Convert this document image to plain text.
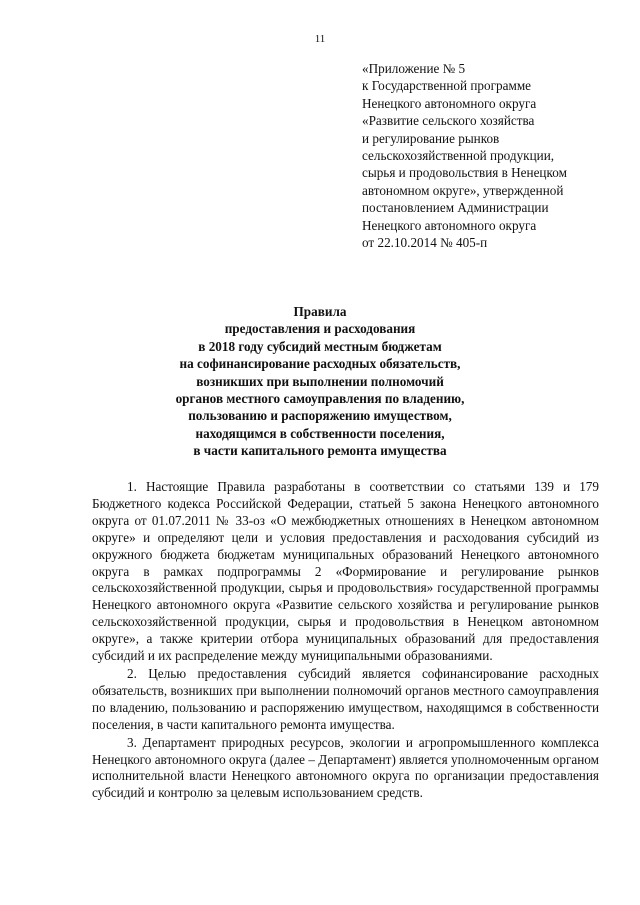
11
«Приложение № 5
к Государственной программе
Ненецкого автономного округа
«Развитие сельского хозяйства
и регулирование рынков
сельскохозяйственной продукции,
сырья и продовольствия в Ненецком
автономном округе», утвержденной
постановлением Администрации
Ненецкого автономного округа
от 22.10.2014 № 405-п
Правила
предоставления и расходования
в 2018 году субсидий местным бюджетам
на софинансирование расходных обязательств,
возникших при выполнении полномочий
органов местного самоуправления по владению,
пользованию и распоряжению имуществом,
находящимся в собственности поселения,
в части капитального ремонта имущества

1. Настоящие Правила разработаны в соответствии со статьями 139 и 179 Бюджетного кодекса Российской Федерации, статьей 5 закона Ненецкого автономного округа от 01.07.2011 № 33-оз «О межбюджетных отношениях в Ненецком автономном округе» и определяют цели и условия предоставления и расходования субсидий из окружного бюджета бюджетам муниципальных образований Ненецкого автономного округа в рамках подпрограммы 2 «Формирование и регулирование рынков сельскохозяйственной продукции, сырья и продовольствия» государственной программы Ненецкого автономного округа «Развитие сельского хозяйства и регулирование рынков сельскохозяйственной продукции, сырья и продовольствия в Ненецком автономном округе», а также критерии отбора муниципальных образований для предоставления субсидий и их распределение между муниципальными образованиями.

2. Целью предоставления субсидий является софинансирование расходных обязательств, возникших при выполнении полномочий органов местного самоуправления по владению, пользованию и распоряжению имуществом, находящимся в собственности поселения, в части капитального ремонта имущества.

3. Департамент природных ресурсов, экологии и агропромышленного комплекса Ненецкого автономного округа (далее – Департамент) является уполномоченным органом исполнительной власти Ненецкого автономного округа по организации предоставления субсидий и контролю за целевым использованием средств.
